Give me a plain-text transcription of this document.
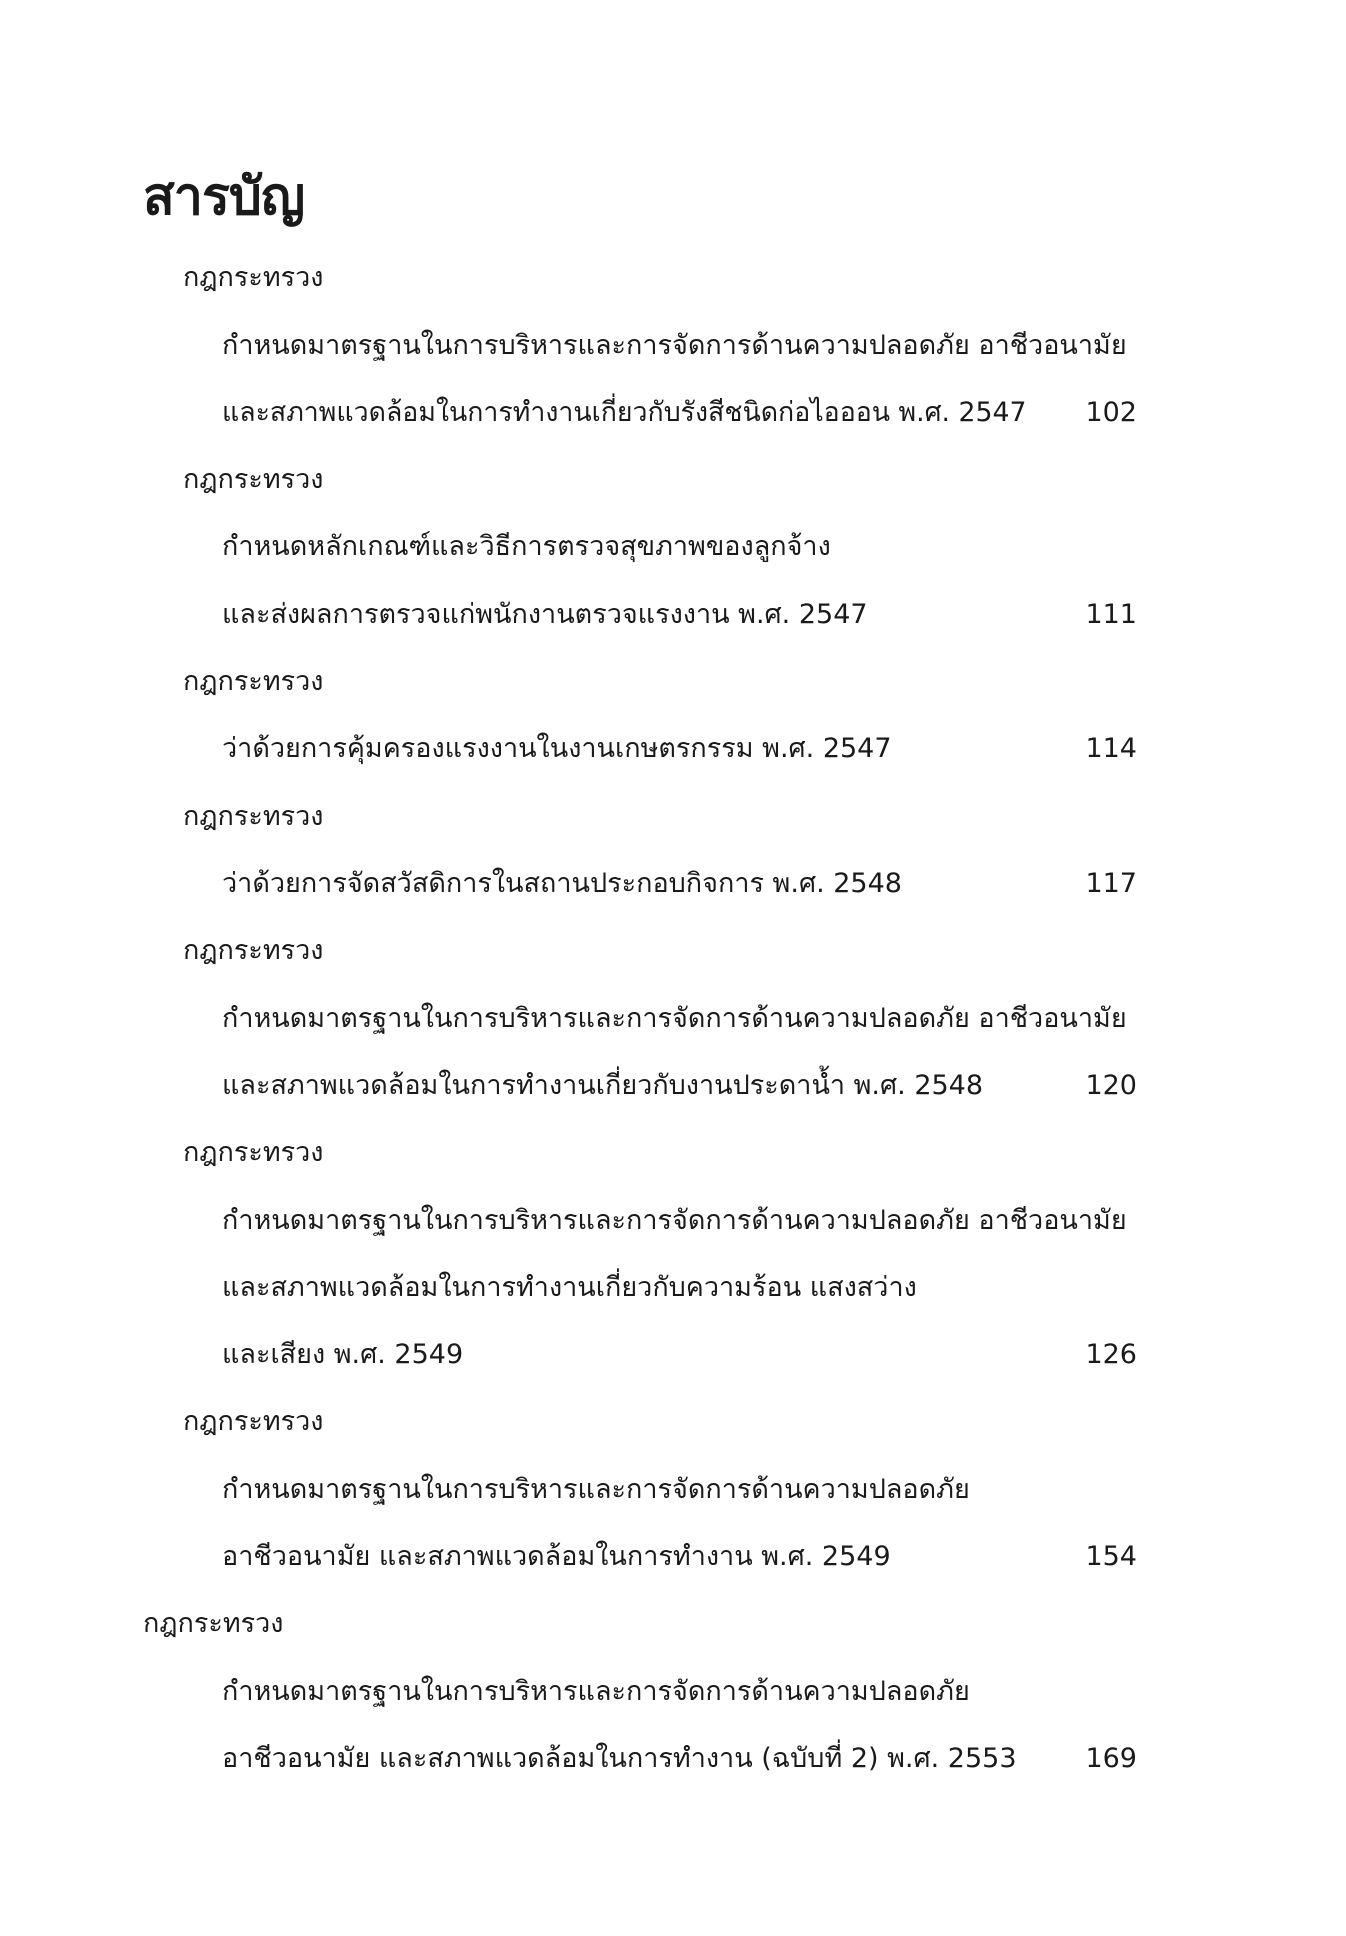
สารบัญ
กฎกระทรวง
กำหนดมาตรฐานในการบริหารและการจัดการด้านความปลอดภัย อาชีวอนามัย
และสภาพแวดล้อมในการทำงานเกี่ยวกับรังสีชนิดก่อไอออน พ.ศ. 2547	102
กฎกระทรวง
กำหนดหลักเกณฑ์และวิธีการตรวจสุขภาพของลูกจ้าง
และส่งผลการตรวจแก่พนักงานตรวจแรงงาน พ.ศ. 2547	111
กฎกระทรวง
ว่าด้วยการคุ้มครองแรงงานในงานเกษตรกรรม พ.ศ. 2547	114
กฎกระทรวง
ว่าด้วยการจัดสวัสดิการในสถานประกอบกิจการ พ.ศ. 2548	117
กฎกระทรวง
กำหนดมาตรฐานในการบริหารและการจัดการด้านความปลอดภัย อาชีวอนามัย
และสภาพแวดล้อมในการทำงานเกี่ยวกับงานประดาน้ำ พ.ศ. 2548	120
กฎกระทรวง
กำหนดมาตรฐานในการบริหารและการจัดการด้านความปลอดภัย อาชีวอนามัย
และสภาพแวดล้อมในการทำงานเกี่ยวกับความร้อน แสงสว่าง
และเสียง พ.ศ. 2549	126
กฎกระทรวง
กำหนดมาตรฐานในการบริหารและการจัดการด้านความปลอดภัย
อาชีวอนามัย และสภาพแวดล้อมในการทำงาน พ.ศ. 2549	154
กฎกระทรวง
กำหนดมาตรฐานในการบริหารและการจัดการด้านความปลอดภัย
อาชีวอนามัย และสภาพแวดล้อมในการทำงาน (ฉบับที่ 2) พ.ศ. 2553	169
